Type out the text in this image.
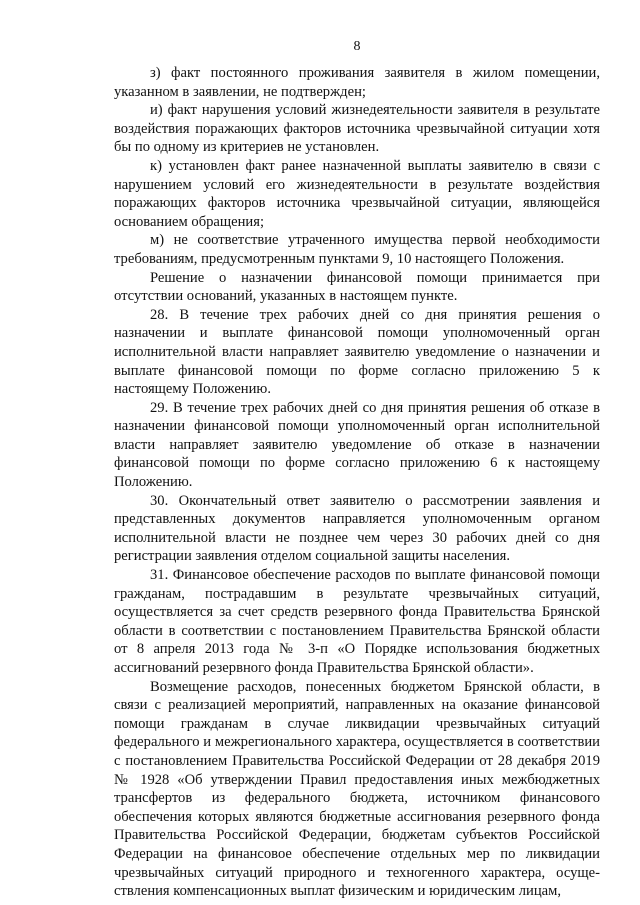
8

з) факт постоянного проживания заявителя в жилом помещении, указанном в заявлении, не подтвержден;

и) факт нарушения условий жизнедеятельности заявителя в результате воздействия поражающих факторов источника чрезвычайной ситуации хотя бы по одному из критериев не установлен.

к) установлен факт ранее назначенной выплаты заявителю в связи с нарушением условий его жизнедеятельности в результате воздействия поражающих факторов источника чрезвычайной ситуации, являющейся основанием обращения;

м) не соответствие утраченного имущества первой необходимости требованиям, предусмотренным пунктами 9, 10 настоящего Положения.

Решение о назначении финансовой помощи принимается при отсутствии оснований, указанных в настоящем пункте.

28. В течение трех рабочих дней со дня принятия решения о назначении и выплате финансовой помощи уполномоченный орган исполнительной власти направляет заявителю уведомление о назначении и выплате финансовой помощи по форме согласно приложению 5 к настоящему Положению.

29. В течение трех рабочих дней со дня принятия решения об отказе в назначении финансовой помощи уполномоченный орган исполнительной власти направляет заявителю уведомление об отказе в назначении финансовой помощи по форме согласно приложению 6 к настоящему Положению.

30. Окончательный ответ заявителю о рассмотрении заявления и представленных документов направляется уполномоченным органом исполнительной власти не позднее чем через 30 рабочих дней со дня регистрации заявления отделом социальной защиты населения.

31. Финансовое обеспечение расходов по выплате финансовой помощи гражданам, пострадавшим в результате чрезвычайных ситуаций, осуществляется за счет средств резервного фонда Правительства Брянской области в соответствии с постановлением Правительства Брянской области от 8 апреля 2013 года № 3-п «О Порядке использования бюджетных ассигнований резервного фонда Правительства Брянской области».

Возмещение расходов, понесенных бюджетом Брянской области, в связи с реализацией мероприятий, направленных на оказание финансовой помощи гражданам в случае ликвидации чрезвычайных ситуаций федерального и межрегионального характера, осуществляется в соответствии с постановлением Правительства Российской Федерации от 28 декабря 2019 № 1928 «Об утверждении Правил предоставления иных межбюджетных трансфертов из федерального бюджета, источником финансового обеспечения которых являются бюджетные ассигнования резервного фонда Правительства Российской Федерации, бюджетам субъектов Российской Федерации на финансовое обеспечение отдельных мер по ликвидации чрезвычайных ситуаций природного и техногенного характера, осуще-ствления компенсационных выплат физическим и юридическим лицам,
